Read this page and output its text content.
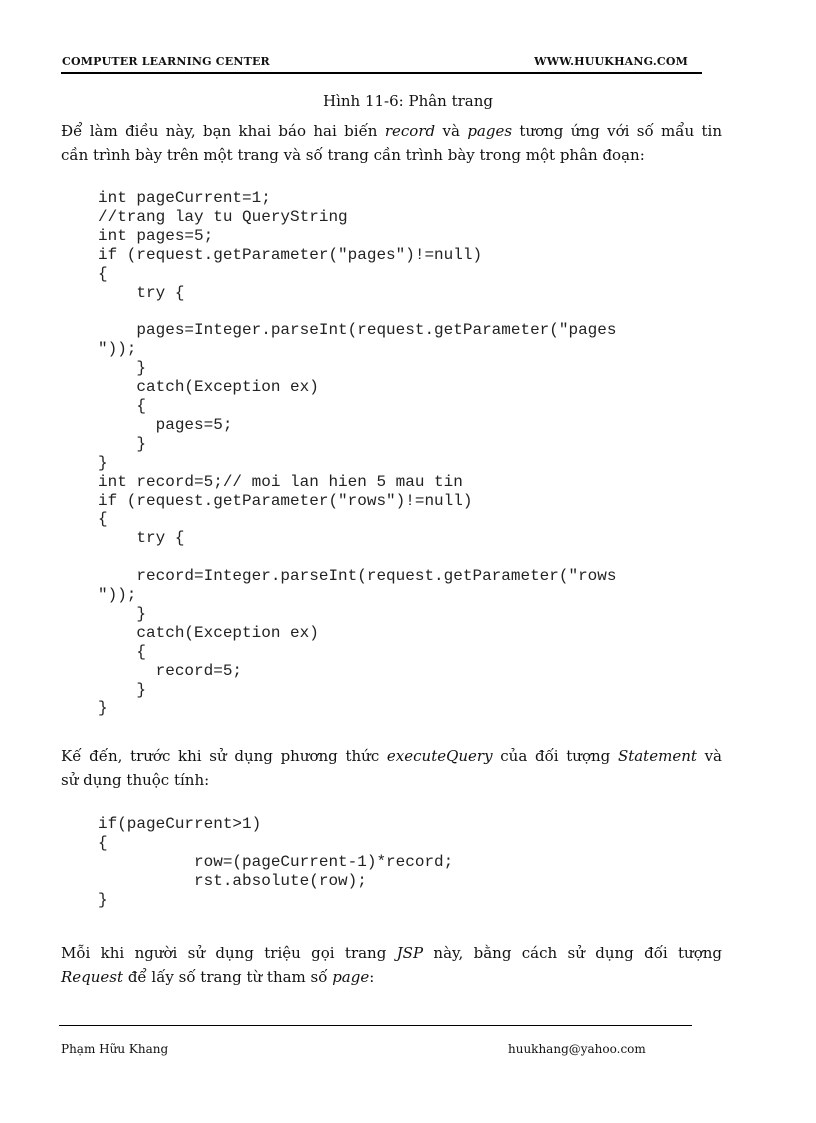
COMPUTER LEARNING CENTER	WWW.HUUKHANG.COM
Hình 11-6: Phân trang
Để làm điều này, bạn khai báo hai biến record và pages tương ứng với số mẩu tin
cần trình bày trên một trang và số trang cần trình bày trong một phân đoạn:
int pageCurrent=1;
//trang lay tu QueryString
int pages=5;
if (request.getParameter("pages")!=null)
{
try {

pages=Integer.parseInt(request.getParameter("pages
"));
}
catch(Exception ex)
{
pages=5;
}
}
int record=5;// moi lan hien 5 mau tin
if (request.getParameter("rows")!=null)
{
try {

record=Integer.parseInt(request.getParameter("rows
"));
}
catch(Exception ex)
{
record=5;
}
}
Kế đến, trước khi sử dụng phương thức executeQuery của đối tượng Statement và
sử dụng thuộc tính:
if(pageCurrent>1)
{
row=(pageCurrent-1)*record;
rst.absolute(row);
}
Mỗi khi người sử dụng triệu gọi trang JSP này, bằng cách sử dụng đối tượng
Request để lấy số trang từ tham số page:
Phạm Hữu Khang	huukhang@yahoo.com
